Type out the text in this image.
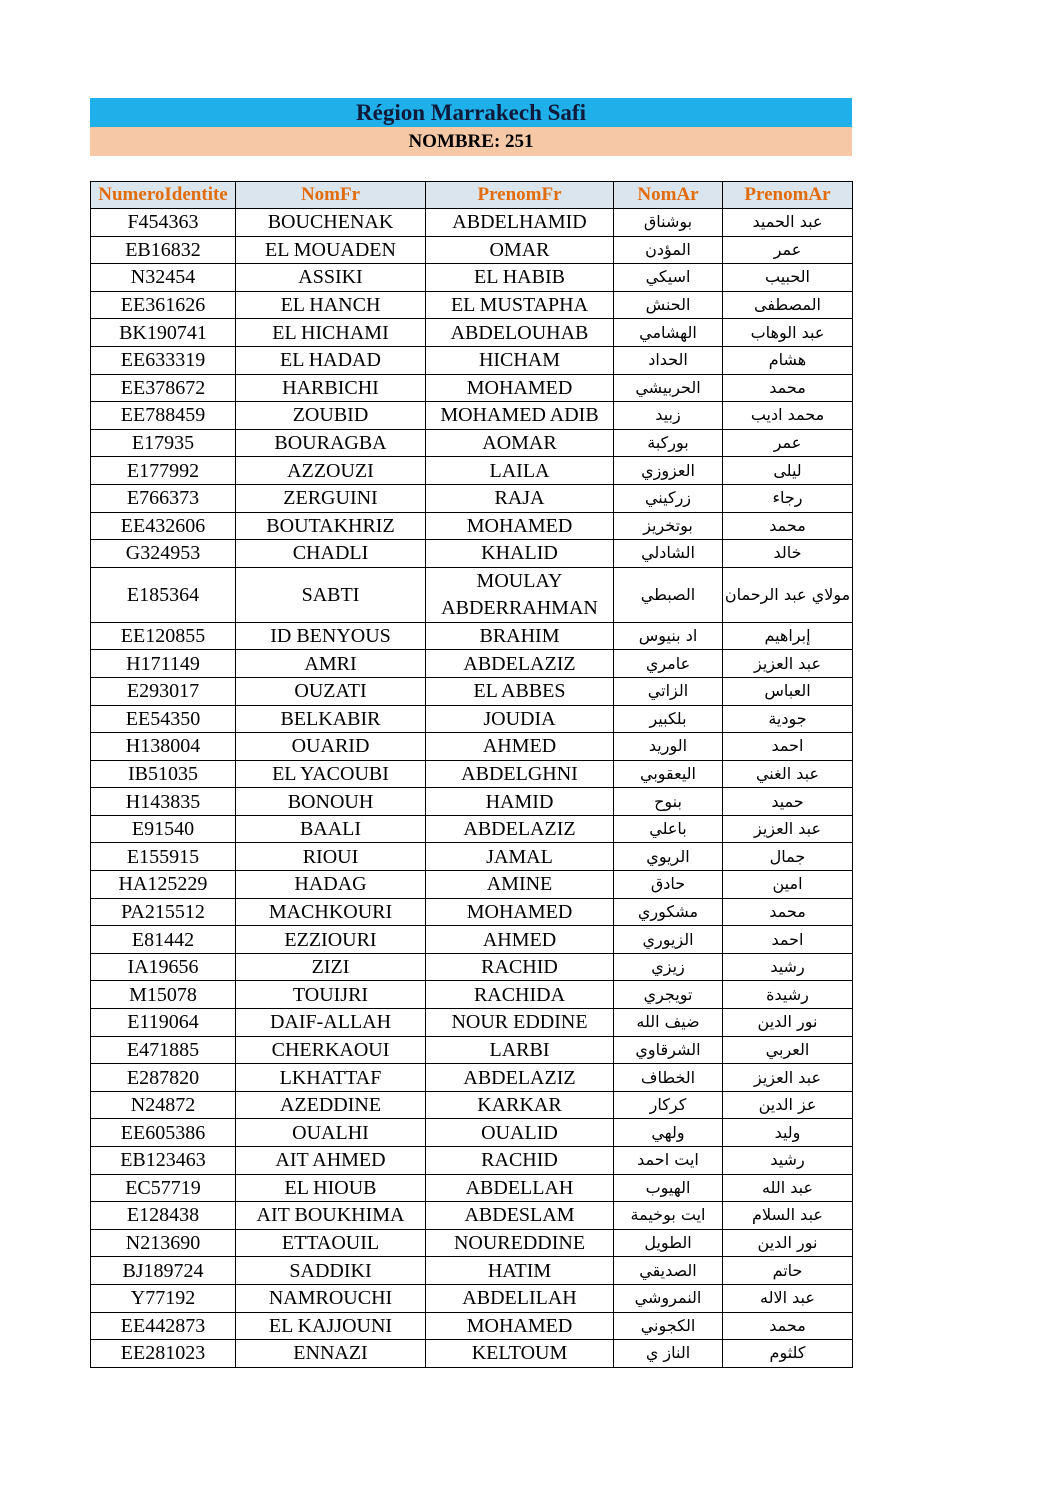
Région Marrakech Safi
NOMBRE: 251
NumeroIdentite	NomFr	PrenomFr	NomAr	PrenomAr
F454363	BOUCHENAK	ABDELHAMID	بوشناق	عبد الحميد
EB16832	EL MOUADEN	OMAR	المؤدن	عمر
N32454	ASSIKI	EL HABIB	اسيكي	الحبيب
EE361626	EL HANCH	EL MUSTAPHA	الحنش	المصطفى
BK190741	EL HICHAMI	ABDELOUHAB	الهشامي	عبد الوهاب
EE633319	EL HADAD	HICHAM	الحداد	هشام
EE378672	HARBICHI	MOHAMED	الحربيشي	محمد
EE788459	ZOUBID	MOHAMED ADIB	زبيد	محمد اديب
E17935	BOURAGBA	AOMAR	بوركبة	عمر
E177992	AZZOUZI	LAILA	العزوزي	ليلى
E766373	ZERGUINI	RAJA	زركيني	رجاء
EE432606	BOUTAKHRIZ	MOHAMED	بوتخريز	محمد
G324953	CHADLI	KHALID	الشادلي	خالد
E185364	SABTI	MOULAY ABDERRAHMAN	الصبطي	مولاي عبد الرحمان
EE120855	ID BENYOUS	BRAHIM	اد بنيوس	إبراهيم
H171149	AMRI	ABDELAZIZ	عامري	عبد العزيز
E293017	OUZATI	EL ABBES	الزاتي	العباس
EE54350	BELKABIR	JOUDIA	بلكبير	جودية
H138004	OUARID	AHMED	الوريد	احمد
IB51035	EL YACOUBI	ABDELGHNI	اليعقوبي	عبد الغني
H143835	BONOUH	HAMID	بنوح	حميد
E91540	BAALI	ABDELAZIZ	باعلي	عبد العزيز
E155915	RIOUI	JAMAL	الريوي	جمال
HA125229	HADAG	AMINE	حادق	امين
PA215512	MACHKOURI	MOHAMED	مشكوري	محمد
E81442	EZZIOURI	AHMED	الزيوري	احمد
IA19656	ZIZI	RACHID	زيزي	رشيد
M15078	TOUIJRI	RACHIDA	تويجري	رشيدة
E119064	DAIF-ALLAH	NOUR EDDINE	ضيف الله	نور الدين
E471885	CHERKAOUI	LARBI	الشرقاوي	العربي
E287820	LKHATTAF	ABDELAZIZ	الخطاف	عبد العزيز
N24872	AZEDDINE	KARKAR	كركار	عز الدين
EE605386	OUALHI	OUALID	ولهي	وليد
EB123463	AIT AHMED	RACHID	ايت احمد	رشيد
EC57719	EL HIOUB	ABDELLAH	الهيوب	عبد الله
E128438	AIT BOUKHIMA	ABDESLAM	ايت بوخيمة	عبد السلام
N213690	ETTAOUIL	NOUREDDINE	الطويل	نور الدين
BJ189724	SADDIKI	HATIM	الصديقي	حاتم
Y77192	NAMROUCHI	ABDELILAH	النمروشي	عبد الاله
EE442873	EL KAJJOUNI	MOHAMED	الكجوني	محمد
EE281023	ENNAZI	KELTOUM	الناز ي	كلثوم
